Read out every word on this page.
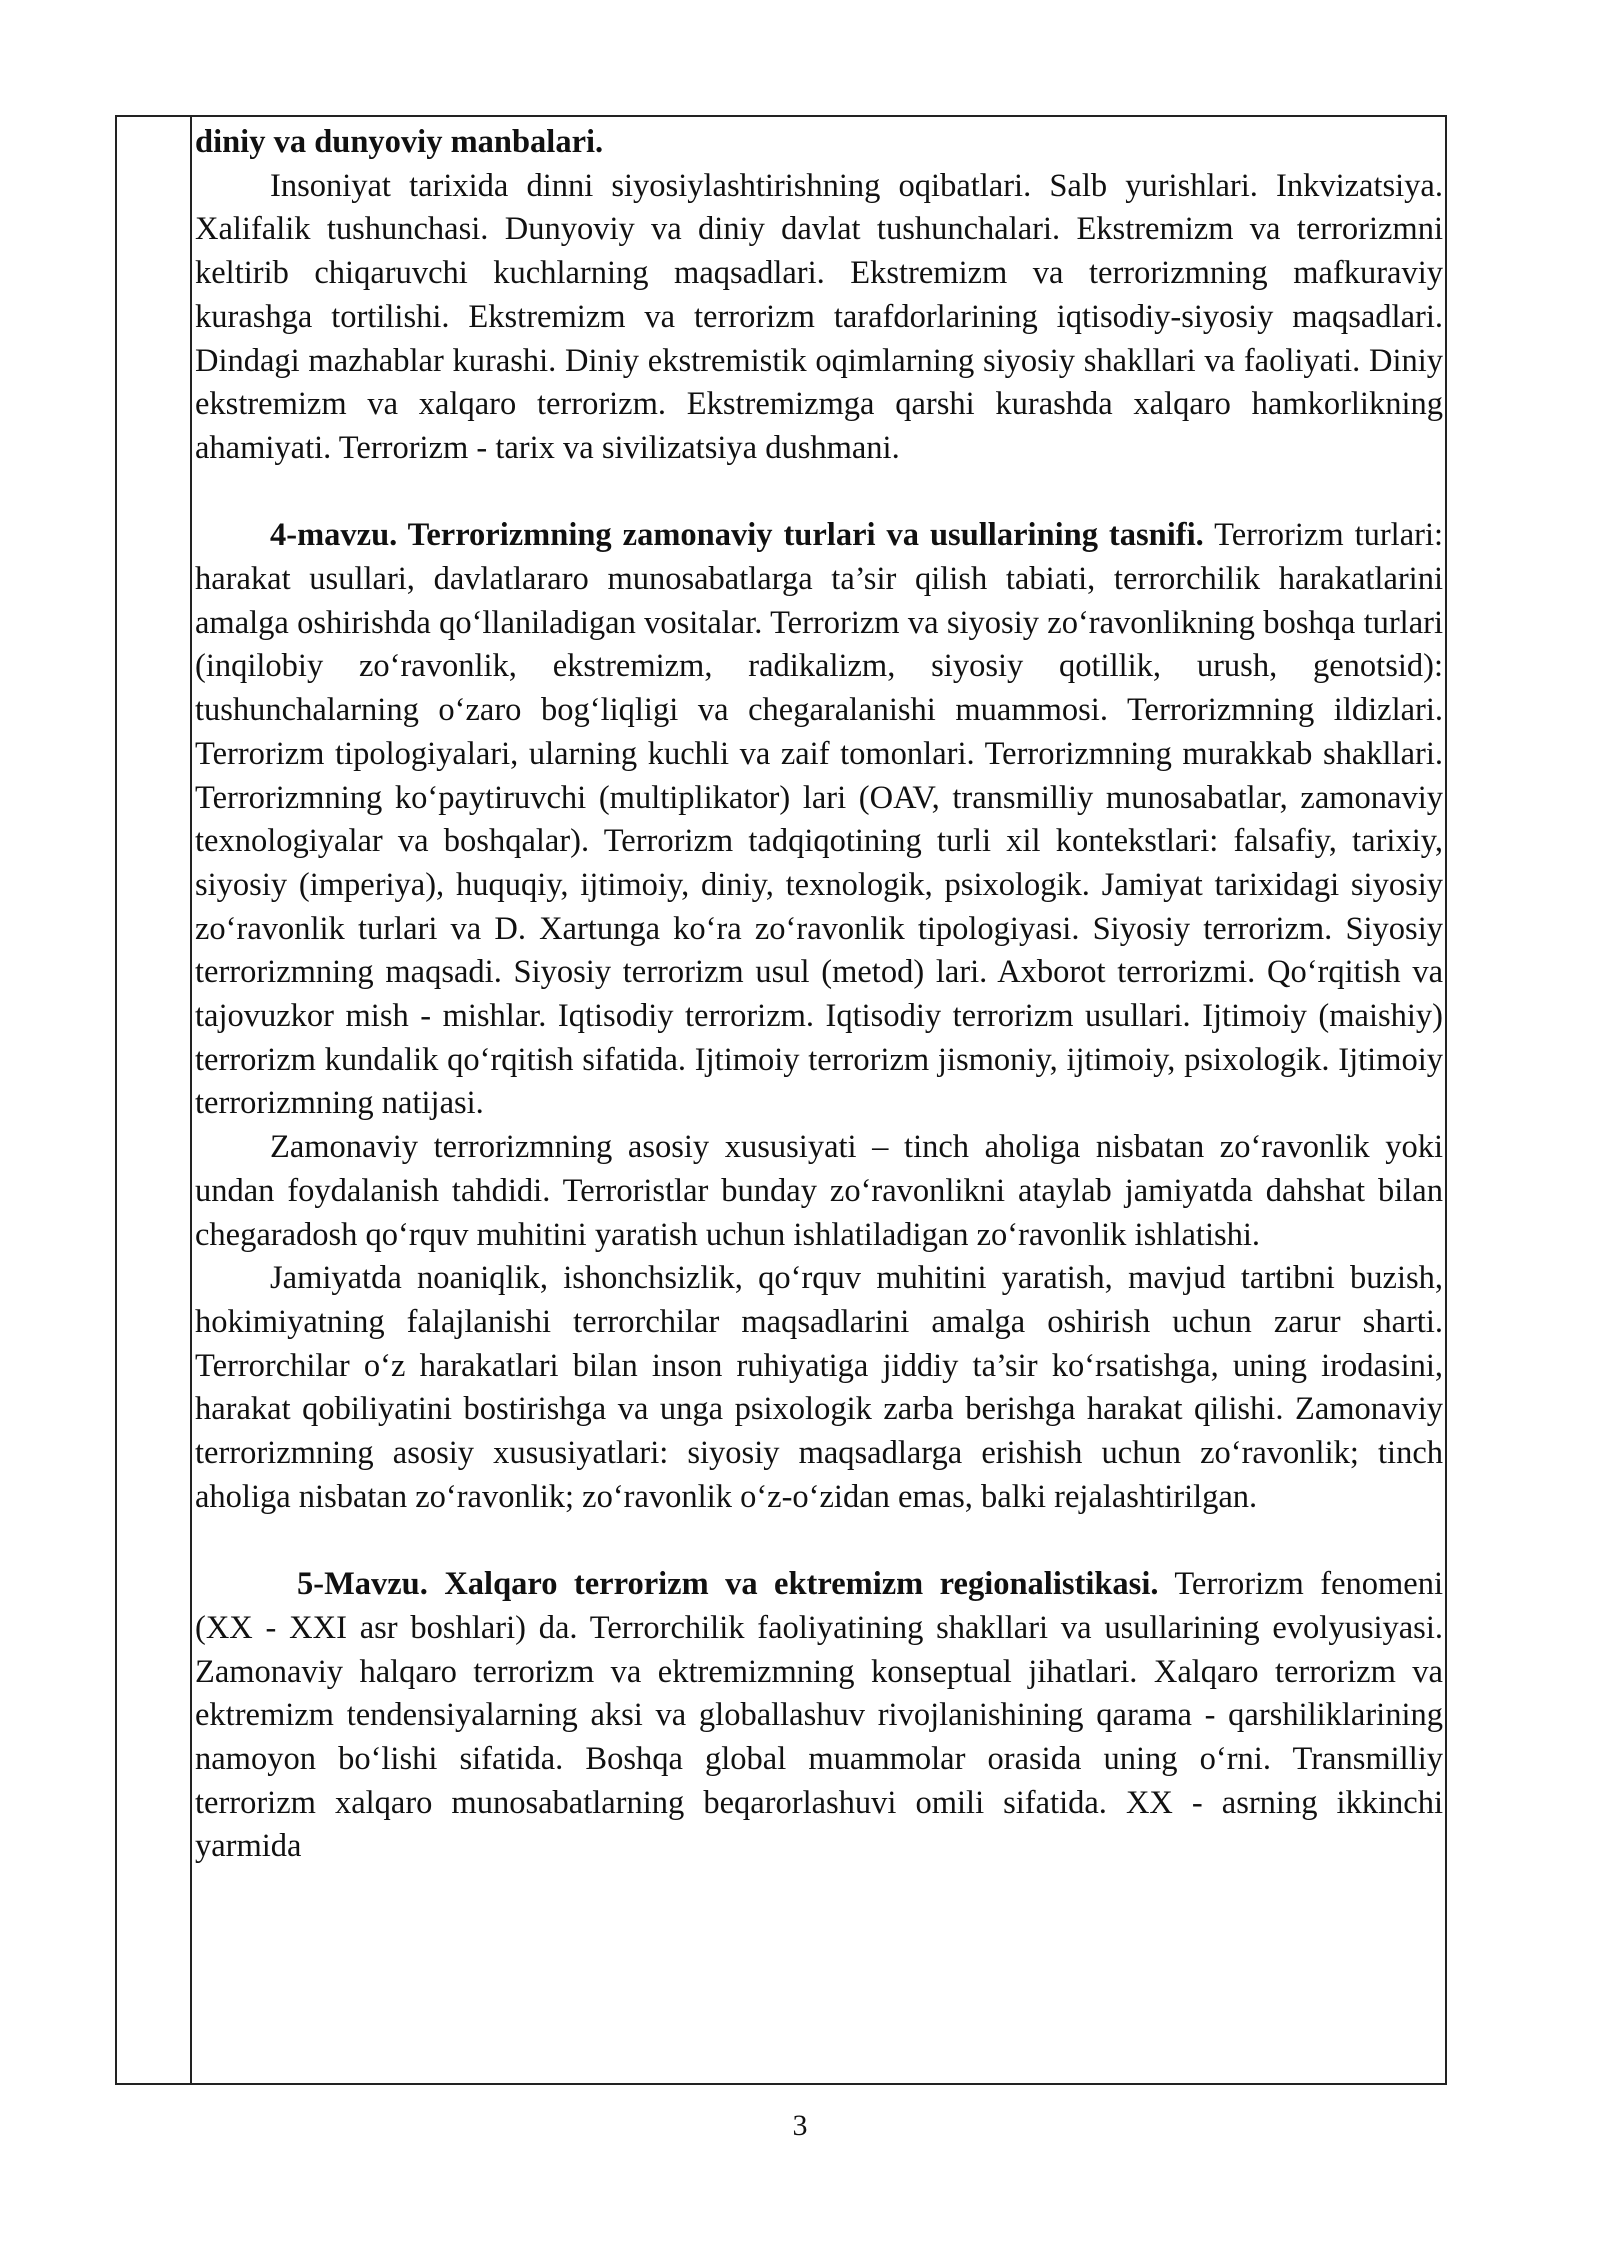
diniy va dunyoviy manbalari.

Insoniyat tarixida dinni siyosiylashtirishning oqibatlari. Salb yurishlari. Inkvizatsiya. Xalifalik tushunchasi. Dunyoviy va diniy davlat tushunchalari. Ekstremizm va terrorizmni keltirib chiqaruvchi kuchlarning maqsadlari. Ekstremizm va terrorizmning mafkuraviy kurashga tortilishi. Ekstremizm va terrorizm tarafdorlarining iqtisodiy-siyosiy maqsadlari. Dindagi mazhablar kurashi. Diniy ekstremistik oqimlarning siyosiy shakllari va faoliyati. Diniy ekstremizm va xalqaro terrorizm. Ekstremizmga qarshi kurashda xalqaro hamkorlikning ahamiyati. Terrorizm - tarix va sivilizatsiya dushmani.

4-mavzu. Terrorizmning zamonaviy turlari va usullarining tasnifi. Terrorizm turlari: harakat usullari, davlatlararo munosabatlarga ta’sir qilish tabiati, terrorchilik harakatlarini amalga oshirishda qo‘llaniladigan vositalar. Terrorizm va siyosiy zo‘ravonlikning boshqa turlari (inqilobiy zo‘ravonlik, ekstremizm, radikalizm, siyosiy qotillik, urush, genotsid): tushunchalarning o‘zaro bog‘liqligi va chegaralanishi muammosi. Terrorizmning ildizlari. Terrorizm tipologiyalari, ularning kuchli va zaif tomonlari. Terrorizmning murakkab shakllari. Terrorizmning ko‘paytiruvchi (multiplikator) lari (OAV, transmilliy munosabatlar, zamonaviy texnologiyalar va boshqalar). Terrorizm tadqiqotining turli xil kontekstlari: falsafiy, tarixiy, siyosiy (imperiya), huquqiy, ijtimoiy, diniy, texnologik, psixologik. Jamiyat tarixidagi siyosiy zo‘ravonlik turlari va D. Xartunga ko‘ra zo‘ravonlik tipologiyasi. Siyosiy terrorizm. Siyosiy terrorizmning maqsadi. Siyosiy terrorizm usul (metod) lari. Axborot terrorizmi. Qo‘rqitish va tajovuzkor mish - mishlar. Iqtisodiy terrorizm. Iqtisodiy terrorizm usullari. Ijtimoiy (maishiy) terrorizm kundalik qo‘rqitish sifatida. Ijtimoiy terrorizm jismoniy, ijtimoiy, psixologik. Ijtimoiy terrorizmning natijasi.

Zamonaviy terrorizmning asosiy xususiyati – tinch aholiga nisbatan zo‘ravonlik yoki undan foydalanish tahdidi. Terroristlar bunday zo‘ravonlikni ataylab jamiyatda dahshat bilan chegaradosh qo‘rquv muhitini yaratish uchun ishlatiladigan zo‘ravonlik ishlatishi.

Jamiyatda noaniqlik, ishonchsizlik, qo‘rquv muhitini yaratish, mavjud tartibni buzish, hokimiyatning falajlanishi terrorchilar maqsadlarini amalga oshirish uchun zarur sharti. Terrorchilar o‘z harakatlari bilan inson ruhiyatiga jiddiy ta’sir ko‘rsatishga, uning irodasini, harakat qobiliyatini bostirishga va unga psixologik zarba berishga harakat qilishi. Zamonaviy terrorizmning asosiy xususiyatlari: siyosiy maqsadlarga erishish uchun zo‘ravonlik; tinch aholiga nisbatan zo‘ravonlik; zo‘ravonlik o‘z-o‘zidan emas, balki rejalashtirilgan.

5-Mavzu. Xalqaro terrorizm va ektremizm regionalistikasi. Terrorizm fenomeni (XX - XXI asr boshlari) da. Terrorchilik faoliyatining shakllari va usullarining evolyusiyasi. Zamonaviy halqaro terrorizm va ektremizmning konseptual jihatlari. Xalqaro terrorizm va ektremizm tendensiyalarning aksi va globallashuv rivojlanishining qarama - qarshiliklarining namoyon bo‘lishi sifatida. Boshqa global muammolar orasida uning o‘rni. Transmilliy terrorizm xalqaro munosabatlarning beqarorlashuvi omili sifatida. XX - asrning ikkinchi yarmida

3
